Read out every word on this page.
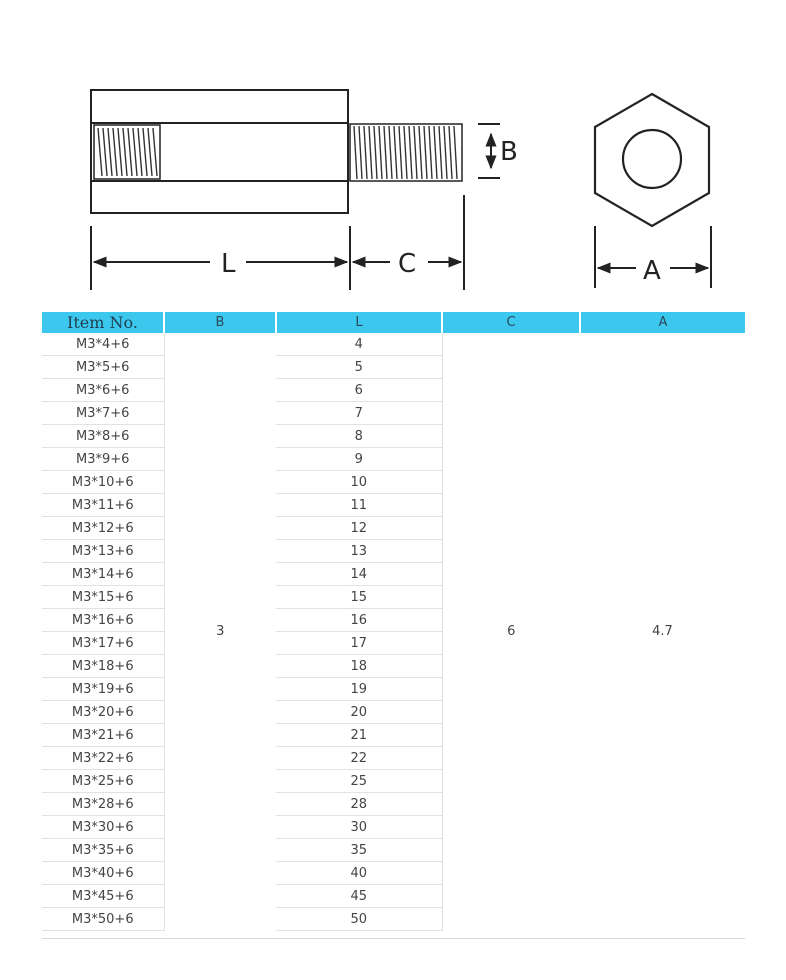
B
L	C	A
Item No.	B	L	C	A
M3*4+6	3	4	6	4.7
M3*5+6		5		
M3*6+6		6		
M3*7+6		7		
M3*8+6		8		
M3*9+6		9		
M3*10+6		10		
M3*11+6		11		
M3*12+6		12		
M3*13+6		13		
M3*14+6		14		
M3*15+6		15		
M3*16+6		16		
M3*17+6		17		
M3*18+6		18		
M3*19+6		19		
M3*20+6		20		
M3*21+6		21		
M3*22+6		22		
M3*25+6		25		
M3*28+6		28		
M3*30+6		30		
M3*35+6		35		
M3*40+6		40		
M3*45+6		45		
M3*50+6		50		
